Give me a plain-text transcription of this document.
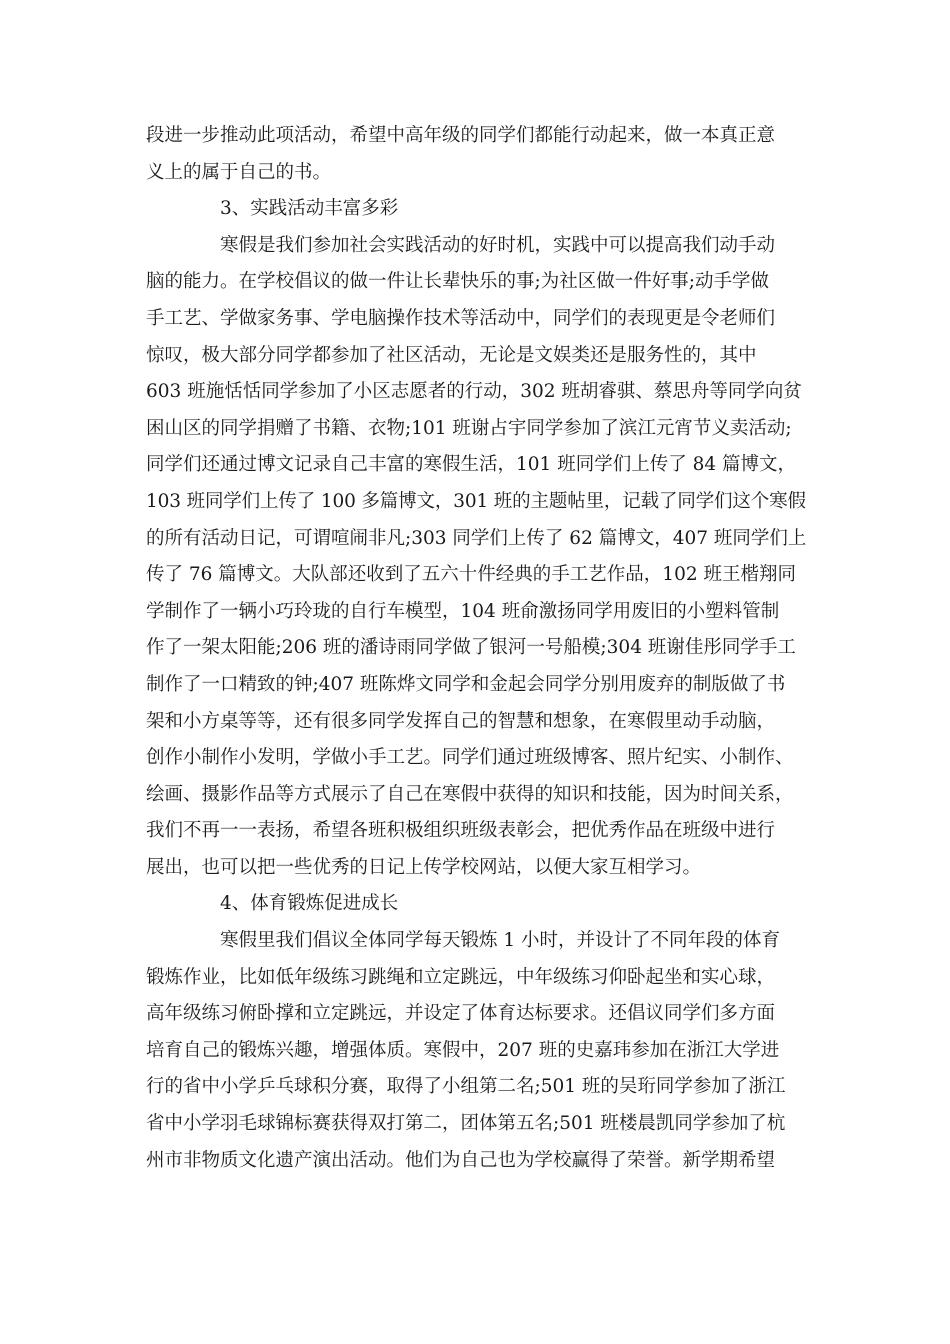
段进一步推动此项活动，希望中高年级的同学们都能行动起来，做一本真正意
义上的属于自己的书。
3、实践活动丰富多彩
寒假是我们参加社会实践活动的好时机，实践中可以提高我们动手动
脑的能力。在学校倡议的做一件让长辈快乐的事;为社区做一件好事;动手学做
手工艺、学做家务事、学电脑操作技术等活动中，同学们的表现更是令老师们
惊叹，极大部分同学都参加了社区活动，无论是文娱类还是服务性的，其中
603 班施恬恬同学参加了小区志愿者的行动，302 班胡睿骐、蔡思舟等同学向贫
困山区的同学捐赠了书籍、衣物;101 班谢占宇同学参加了滨江元宵节义卖活动;
同学们还通过博文记录自己丰富的寒假生活，101 班同学们上传了 84 篇博文，
103 班同学们上传了 100 多篇博文，301 班的主题帖里，记载了同学们这个寒假
的所有活动日记，可谓喧闹非凡;303 同学们上传了 62 篇博文，407 班同学们上
传了 76 篇博文。大队部还收到了五六十件经典的手工艺作品，102 班王楷翔同
学制作了一辆小巧玲珑的自行车模型，104 班俞激扬同学用废旧的小塑料管制
作了一架太阳能;206 班的潘诗雨同学做了银河一号船模;304 班谢佳彤同学手工
制作了一口精致的钟;407 班陈烨文同学和金起会同学分别用废弃的制版做了书
架和小方桌等等，还有很多同学发挥自己的智慧和想象，在寒假里动手动脑，
创作小制作小发明，学做小手工艺。同学们通过班级博客、照片纪实、小制作、
绘画、摄影作品等方式展示了自己在寒假中获得的知识和技能，因为时间关系，
我们不再一一表扬，希望各班积极组织班级表彰会，把优秀作品在班级中进行
展出，也可以把一些优秀的日记上传学校网站，以便大家互相学习。
4、体育锻炼促进成长
寒假里我们倡议全体同学每天锻炼 1 小时，并设计了不同年段的体育
锻炼作业，比如低年级练习跳绳和立定跳远，中年级练习仰卧起坐和实心球，
高年级练习俯卧撑和立定跳远，并设定了体育达标要求。还倡议同学们多方面
培育自己的锻炼兴趣，增强体质。寒假中，207 班的史嘉玮参加在浙江大学进
行的省中小学乒乓球积分赛，取得了小组第二名;501 班的吴珩同学参加了浙江
省中小学羽毛球锦标赛获得双打第二，团体第五名;501 班楼晨凯同学参加了杭
州市非物质文化遗产演出活动。他们为自己也为学校赢得了荣誉。新学期希望
